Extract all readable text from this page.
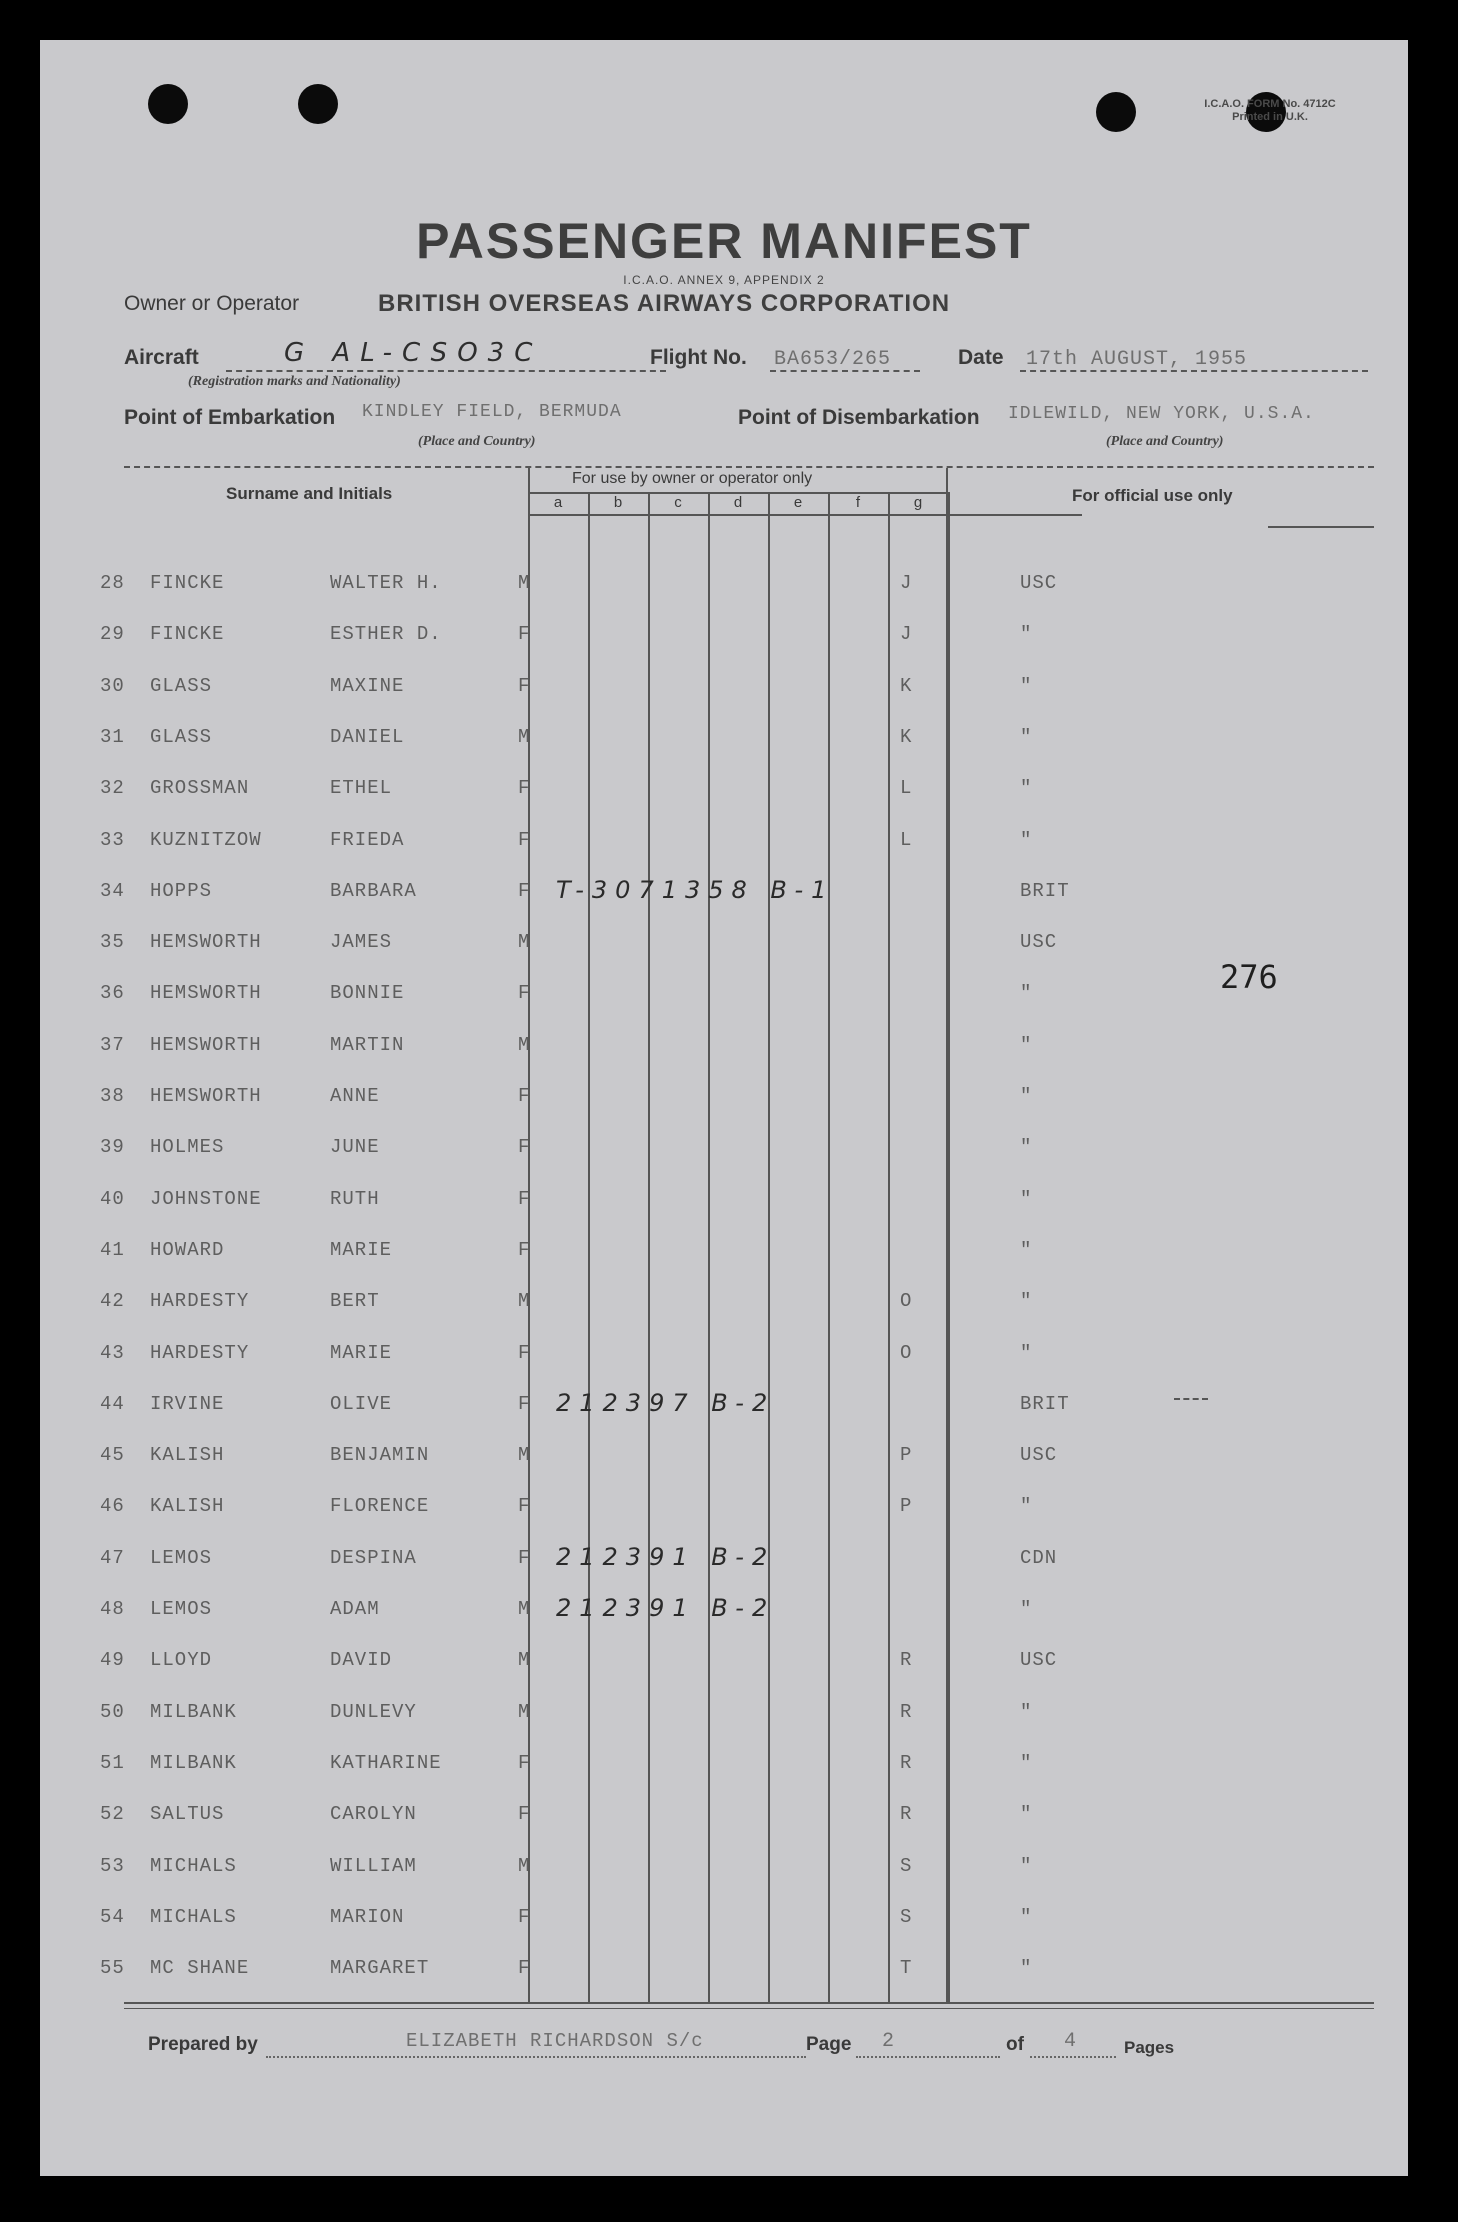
I.C.A.O. FORM No. 4712C
Printed in U.K.
PASSENGER MANIFEST
I.C.A.O. ANNEX 9, APPENDIX 2
Owner or Operator	BRITISH OVERSEAS AIRWAYS CORPORATION
Aircraft	G AL-CSO3C
(Registration marks and Nationality)
Flight No. BA653/265	Date 17th AUGUST, 1955
Point of Embarkation KINDLEY FIELD, BERMUDA
(Place and Country)
Point of Disembarkation IDLEWILD, NEW YORK, U.S.A.
(Place and Country)
Surname and Initials
For use by owner or operator only
For official use only
a	b	c	d	e	f	g
28	FINCKE	WALTER H.	M	J	USC
29	FINCKE	ESTHER D.	F	J	"
30	GLASS	MAXINE	F	K	"
31	GLASS	DANIEL	M	K	"
32	GROSSMAN	ETHEL	F	L	"
33	KUZNITZOW	FRIEDA	F	L	"
34	HOPPS	BARBARA	F T-3071358 B-1	BRIT
35	HEMSWORTH	JAMES	M	USC
36	HEMSWORTH	BONNIE	F	"
37	HEMSWORTH	MARTIN	M	"
38	HEMSWORTH	ANNE	F	"
39	HOLMES	JUNE	F	"
40	JOHNSTONE	RUTH	F	"
41	HOWARD	MARIE	F	"
42	HARDESTY	BERT	M	O	"
43	HARDESTY	MARIE	F	O	"
44	IRVINE	OLIVE	F 212397 B-2	BRIT
45	KALISH	BENJAMIN	M	P	USC
46	KALISH	FLORENCE	F	P	"
47	LEMOS	DESPINA	F 212391 B-2	CDN
48	LEMOS	ADAM	M 212391 B-2	"
49	LLOYD	DAVID	M	R	USC
50	MILBANK	DUNLEVY	M	R	"
51	MILBANK	KATHARINE	F	R	"
52	SALTUS	CAROLYN	F	R	"
53	MICHALS	WILLIAM	M	S	"
54	MICHALS	MARION	F	S	"
55	MC SHANE	MARGARET	F	T	"
276
Prepared by	ELIZABETH RICHARDSON S/c	Page 2	of 4	Pages
